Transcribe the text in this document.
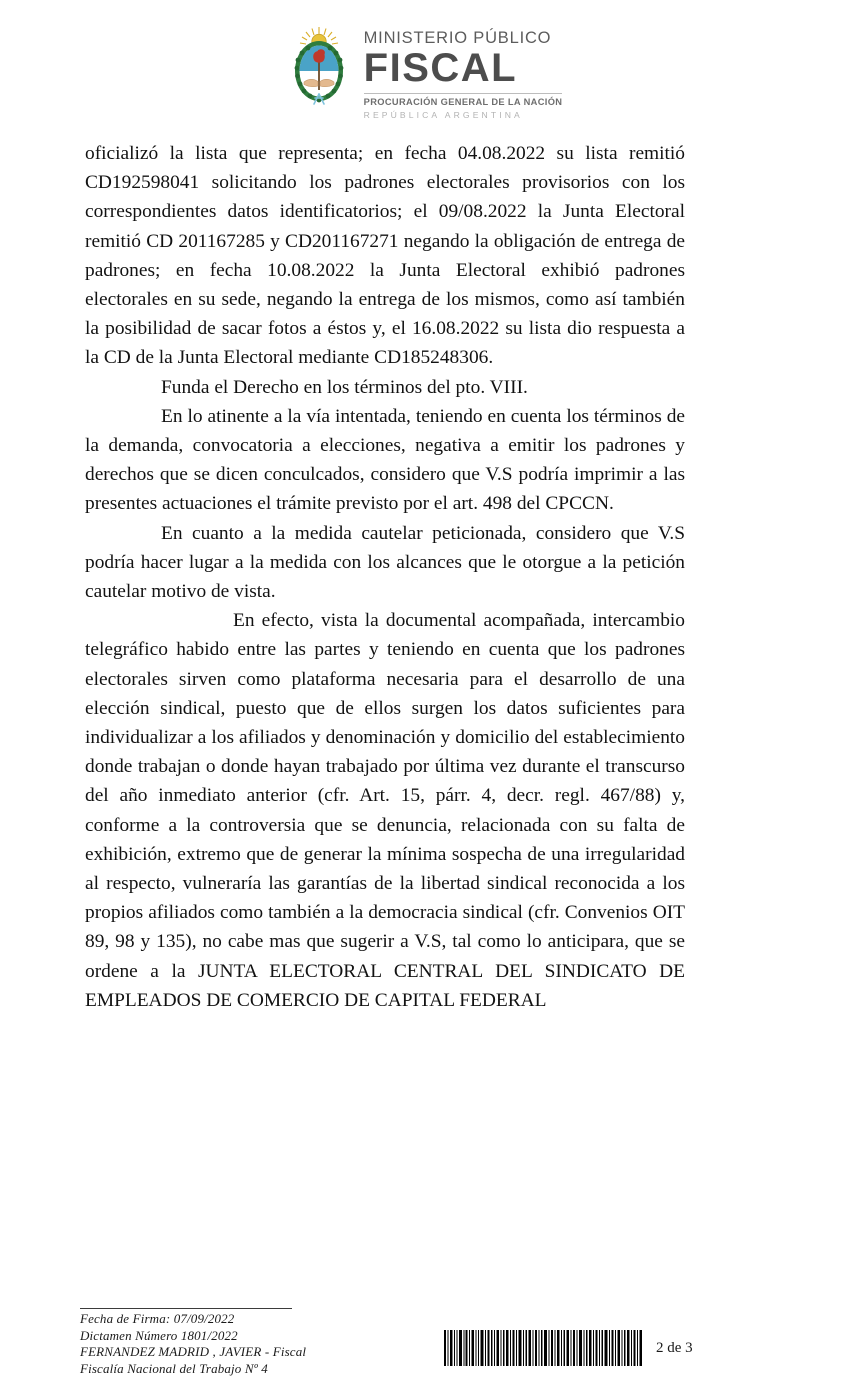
MINISTERIO PÚBLICO
FISCAL
PROCURACIÓN GENERAL DE LA NACIÓN
REPÚBLICA ARGENTINA

oficializó la lista que representa; en fecha 04.08.2022 su lista remitió CD192598041 solicitando los padrones electorales provisorios con los correspondientes datos identificatorios; el 09/08.2022 la Junta Electoral remitió CD 201167285 y CD201167271 negando la obligación de entrega de padrones; en fecha 10.08.2022 la Junta Electoral exhibió padrones electorales en su sede, negando la entrega de los mismos, como así también la posibilidad de sacar fotos a éstos y, el 16.08.2022 su lista dio respuesta a la CD de la Junta Electoral mediante CD185248306.

Funda el Derecho en los términos del pto. VIII.

En lo atinente a la vía intentada, teniendo en cuenta los términos de la demanda, convocatoria a elecciones, negativa a emitir los padrones y derechos que se dicen conculcados, considero que V.S podría imprimir a las presentes actuaciones el trámite previsto por el art. 498 del CPCCN.

En cuanto a la medida cautelar peticionada, considero que V.S podría hacer lugar a la medida con los alcances que le otorgue a la petición cautelar motivo de vista.

En efecto, vista la documental acompañada, intercambio telegráfico habido entre las partes y teniendo en cuenta que los padrones electorales sirven como plataforma necesaria para el desarrollo de una elección sindical, puesto que de ellos surgen los datos suficientes para individualizar a los afiliados y denominación y domicilio del establecimiento donde trabajan o donde hayan trabajado por última vez durante el transcurso del año inmediato anterior (cfr. Art. 15, párr. 4, decr. regl. 467/88) y, conforme a la controversia que se denuncia, relacionada con su falta de exhibición, extremo que de generar la mínima sospecha de una irregularidad al respecto, vulneraría las garantías de la libertad sindical reconocida a los propios afiliados como también a la democracia sindical (cfr. Convenios OIT 89, 98 y 135), no cabe mas que sugerir a V.S, tal como lo anticipara, que se ordene a la JUNTA ELECTORAL CENTRAL DEL SINDICATO DE EMPLEADOS DE COMERCIO DE CAPITAL FEDERAL

Fecha de Firma: 07/09/2022
Dictamen Número 1801/2022
FERNANDEZ MADRID , JAVIER - Fiscal
Fiscalía Nacional del Trabajo Nº 4
2 de 3
